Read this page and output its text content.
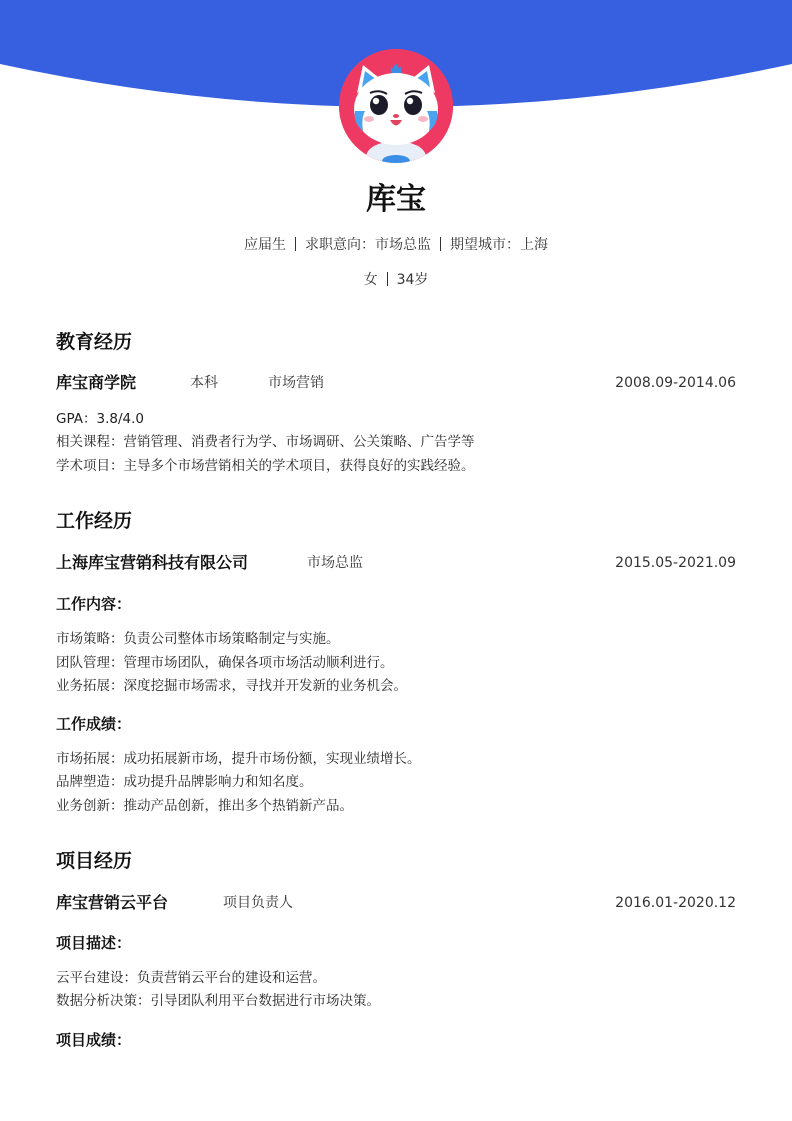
库宝
应届生 求职意向：市场总监 期望城市：上海
女 34岁
教育经历
库宝商学院	本科	市场营销	2008.09-2014.06
GPA：3.8/4.0
相关课程：营销管理、消费者行为学、市场调研、公关策略、广告学等
学术项目：主导多个市场营销相关的学术项目，获得良好的实践经验。
工作经历
上海库宝营销科技有限公司	市场总监	2015.05-2021.09
工作内容：
市场策略：负责公司整体市场策略制定与实施。
团队管理：管理市场团队，确保各项市场活动顺利进行。
业务拓展：深度挖掘市场需求，寻找并开发新的业务机会。
工作成绩：
市场拓展：成功拓展新市场，提升市场份额，实现业绩增长。
品牌塑造：成功提升品牌影响力和知名度。
业务创新：推动产品创新，推出多个热销新产品。
项目经历
库宝营销云平台	项目负责人	2016.01-2020.12
项目描述：
云平台建设：负责营销云平台的建设和运营。
数据分析决策：引导团队利用平台数据进行市场决策。
项目成绩：
